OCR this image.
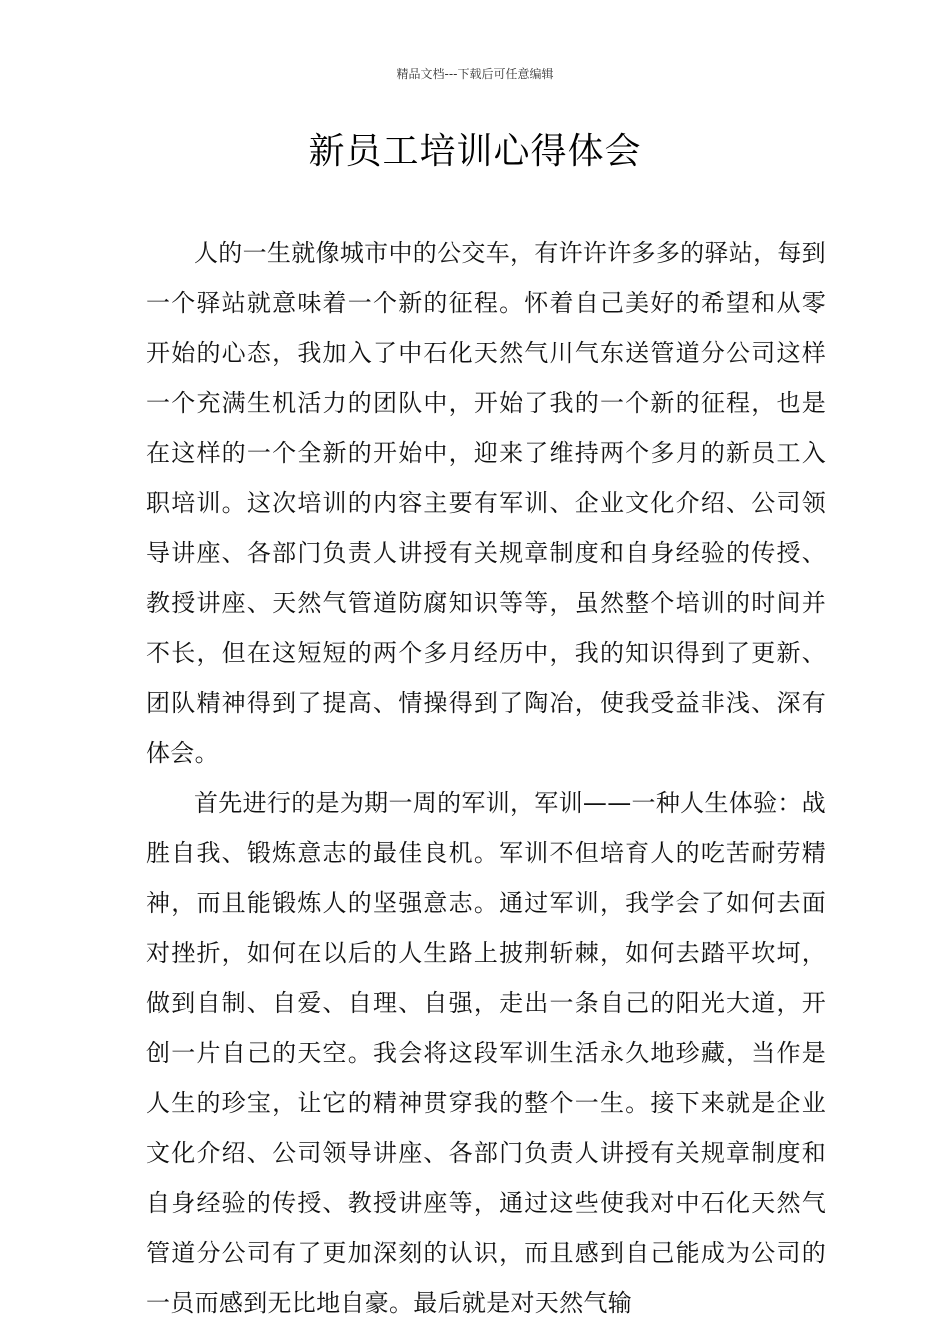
精品文档---下载后可任意编辑
新员工培训心得体会

人的一生就像城市中的公交车，有许许许多多的驿站，每到一个驿站就意味着一个新的征程。怀着自己美好的希望和从零开始的心态，我加入了中石化天然气川气东送管道分公司这样一个充满生机活力的团队中，开始了我的一个新的征程，也是在这样的一个全新的开始中，迎来了维持两个多月的新员工入职培训。这次培训的内容主要有军训、企业文化介绍、公司领导讲座、各部门负责人讲授有关规章制度和自身经验的传授、教授讲座、天然气管道防腐知识等等，虽然整个培训的时间并不长，但在这短短的两个多月经历中，我的知识得到了更新、团队精神得到了提高、情操得到了陶冶，使我受益非浅、深有体会。

首先进行的是为期一周的军训，军训——一种人生体验：战胜自我、锻炼意志的最佳良机。军训不但培育人的吃苦耐劳精神，而且能锻炼人的坚强意志。通过军训，我学会了如何去面对挫折，如何在以后的人生路上披荆斩棘，如何去踏平坎坷，做到自制、自爱、自理、自强，走出一条自己的阳光大道，开创一片自己的天空。我会将这段军训生活永久地珍藏，当作是人生的珍宝，让它的精神贯穿我的整个一生。接下来就是企业文化介绍、公司领导讲座、各部门负责人讲授有关规章制度和自身经验的传授、教授讲座等，通过这些使我对中石化天然气管道分公司有了更加深刻的认识，而且感到自己能成为公司的一员而感到无比地自豪。最后就是对天然气输
